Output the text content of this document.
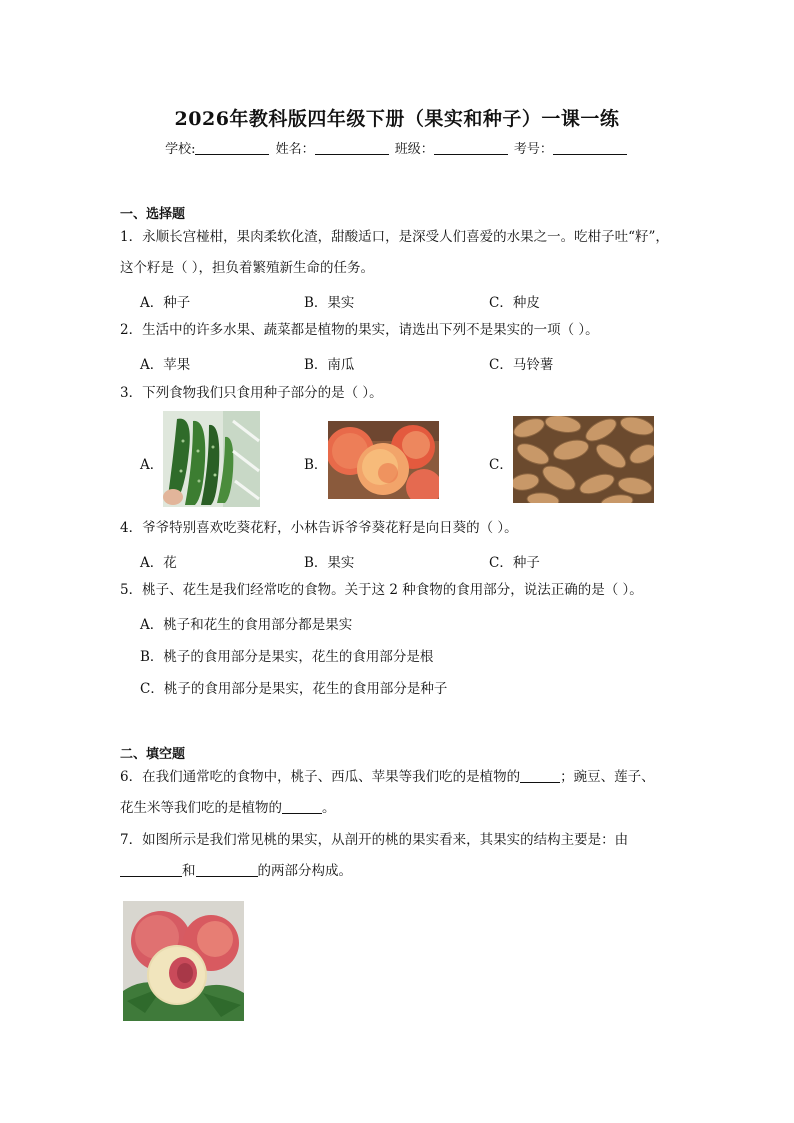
2026年教科版四年级下册（果实和种子）一课一练
学校:	姓名：	班级：	考号：
一、选择题
1．永顺长宫椪柑，果肉柔软化渣，甜酸适口，是深受人们喜爱的水果之一。吃柑子吐“籽”，
这个籽是（ ），担负着繁殖新生命的任务。
A．种子	B．果实	C．种皮
2．生活中的许多水果、蔬菜都是植物的果实，请选出下列不是果实的一项（ ）。
A．苹果	B．南瓜	C．马铃薯
3．下列食物我们只食用种子部分的是（ ）。
A．	B．	C．
4．爷爷特别喜欢吃葵花籽，小林告诉爷爷葵花籽是向日葵的（ ）。
A．花	B．果实	C．种子
5．桃子、花生是我们经常吃的食物。关于这 2 种食物的食用部分，说法正确的是（ ）。
A．桃子和花生的食用部分都是果实
B．桃子的食用部分是果实，花生的食用部分是根
C．桃子的食用部分是果实，花生的食用部分是种子
二、填空题
6．在我们通常吃的食物中，桃子、西瓜、苹果等我们吃的是植物的	；豌豆、莲子、
花生米等我们吃的是植物的	。
7．如图所示是我们常见桃的果实，从剖开的桃的果实看来，其果实的结构主要是：由
和	的两部分构成。
